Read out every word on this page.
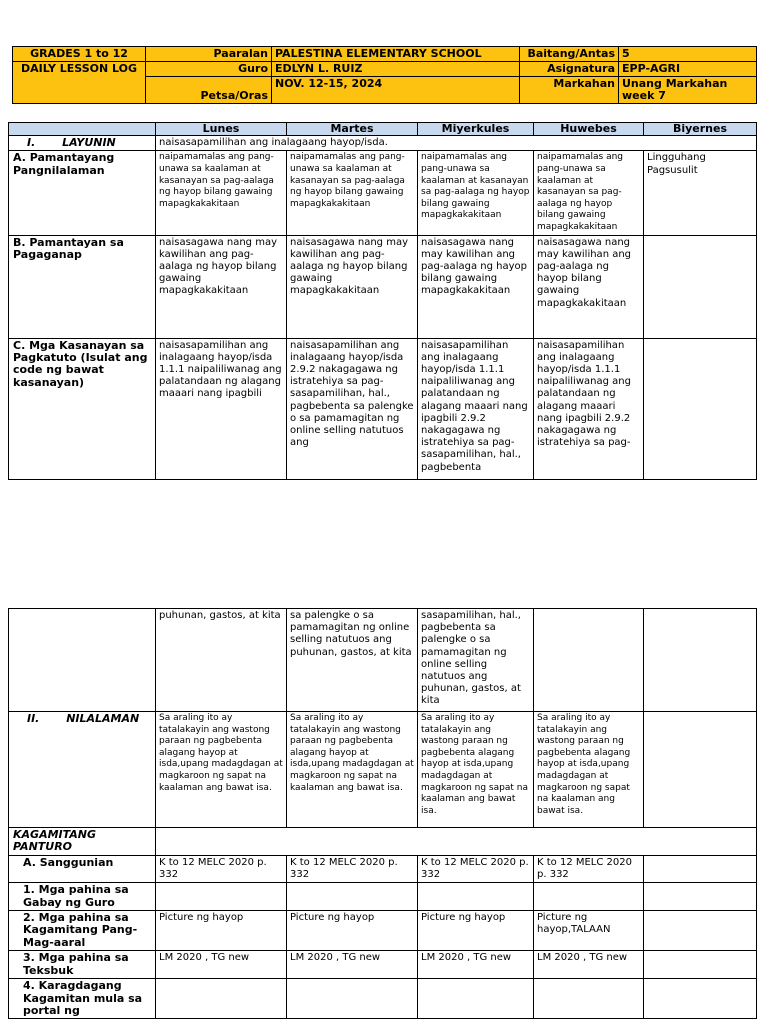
GRADES 1 to 12	Paaralan	PALESTINA ELEMENTARY SCHOOL	Baitang/Antas	5
DAILY LESSON LOG	Guro	EDLYN L. RUIZ	Asignatura	EPP-AGRI
	Petsa/Oras	NOV. 12-15, 2024	Markahan	Unang Markahan week 7
	Lunes	Martes	Miyerkules	Huwebes	Biyernes
I. LAYUNIN	naisasapamilihan ang inalagaang hayop/isda.				
A. Pamantayang Pangnilalaman	naipamamalas ang pang-unawa sa kaalaman at kasanayan sa pag-aalaga ng hayop bilang gawaing mapagkakakitaan	naipamamalas ang pang-unawa sa kaalaman at kasanayan sa pag-aalaga ng hayop bilang gawaing mapagkakakitaan	naipamamalas ang pang-unawa sa kaalaman at kasanayan sa pag-aalaga ng hayop bilang gawaing mapagkakakitaan	naipamamalas ang pang-unawa sa kaalaman at kasanayan sa pag-aalaga ng hayop bilang gawaing mapagkakakitaan	Lingguhang Pagsusulit
B. Pamantayan sa Pagaganap	naisasagawa nang may kawilihan ang pag-aalaga ng hayop bilang gawaing mapagkakakitaan	naisasagawa nang may kawilihan ang pag-aalaga ng hayop bilang gawaing mapagkakakitaan	naisasagawa nang may kawilihan ang pag-aalaga ng hayop bilang gawaing mapagkakakitaan	naisasagawa nang may kawilihan ang pag-aalaga ng hayop bilang gawaing mapagkakakitaan	
C. Mga Kasanayan sa Pagkatuto (Isulat ang code ng bawat kasanayan)	naisasapamilihan ang inalagaang hayop/isda 1.1.1 naipaliliwanag ang palatandaan ng alagang maaari nang ipagbili	naisasapamilihan ang inalagaang hayop/isda 2.9.2 nakagagawa ng istratehiya sa pag-sasapamilihan, hal., pagbebenta sa palengke o sa pamamagitan ng online selling natutuos ang	naisasapamilihan ang inalagaang hayop/isda 1.1.1 naipaliliwanag ang palatandaan ng alagang maaari nang ipagbili 2.9.2 nakagagawa ng istratehiya sa pag-sasapamilihan, hal., pagbebenta	naisasapamilihan ang inalagaang hayop/isda 1.1.1 naipaliliwanag ang palatandaan ng alagang maaari nang ipagbili 2.9.2 nakagagawa ng istratehiya sa pag-	
	puhunan, gastos, at kita	sa palengke o sa pamamagitan ng online selling natutuos ang puhunan, gastos, at kita	sasapamilihan, hal., pagbebenta sa palengke o sa pamamagitan ng online selling natutuos ang puhunan, gastos, at kita		
II. NILALAMAN	Sa araling ito ay tatalakayin ang wastong paraan ng pagbebenta alagang hayop at isda,upang madagdagan at magkaroon ng sapat na kaalaman ang bawat isa.	Sa araling ito ay tatalakayin ang wastong paraan ng pagbebenta alagang hayop at isda,upang madagdagan at magkaroon ng sapat na kaalaman ang bawat isa.	Sa araling ito ay tatalakayin ang wastong paraan ng pagbebenta alagang hayop at isda,upang madagdagan at magkaroon ng sapat na kaalaman ang bawat isa.	Sa araling ito ay tatalakayin ang wastong paraan ng pagbebenta alagang hayop at isda,upang madagdagan at magkaroon ng sapat na kaalaman ang bawat isa.	
KAGAMITANG PANTURO					
A. Sanggunian	K to 12 MELC 2020 p. 332	K to 12 MELC 2020 p. 332	K to 12 MELC 2020 p. 332	K to 12 MELC 2020 p. 332	
1. Mga pahina sa Gabay ng Guro					
2. Mga pahina sa Kagamitang Pang-Mag-aaral	Picture ng hayop	Picture ng hayop	Picture ng hayop	Picture ng hayop,TALAAN	
3. Mga pahina sa Teksbuk	LM 2020 , TG new	LM 2020 , TG new	LM 2020 , TG new	LM 2020 , TG new	
4. Karagdagang Kagamitan mula sa portal ng					
